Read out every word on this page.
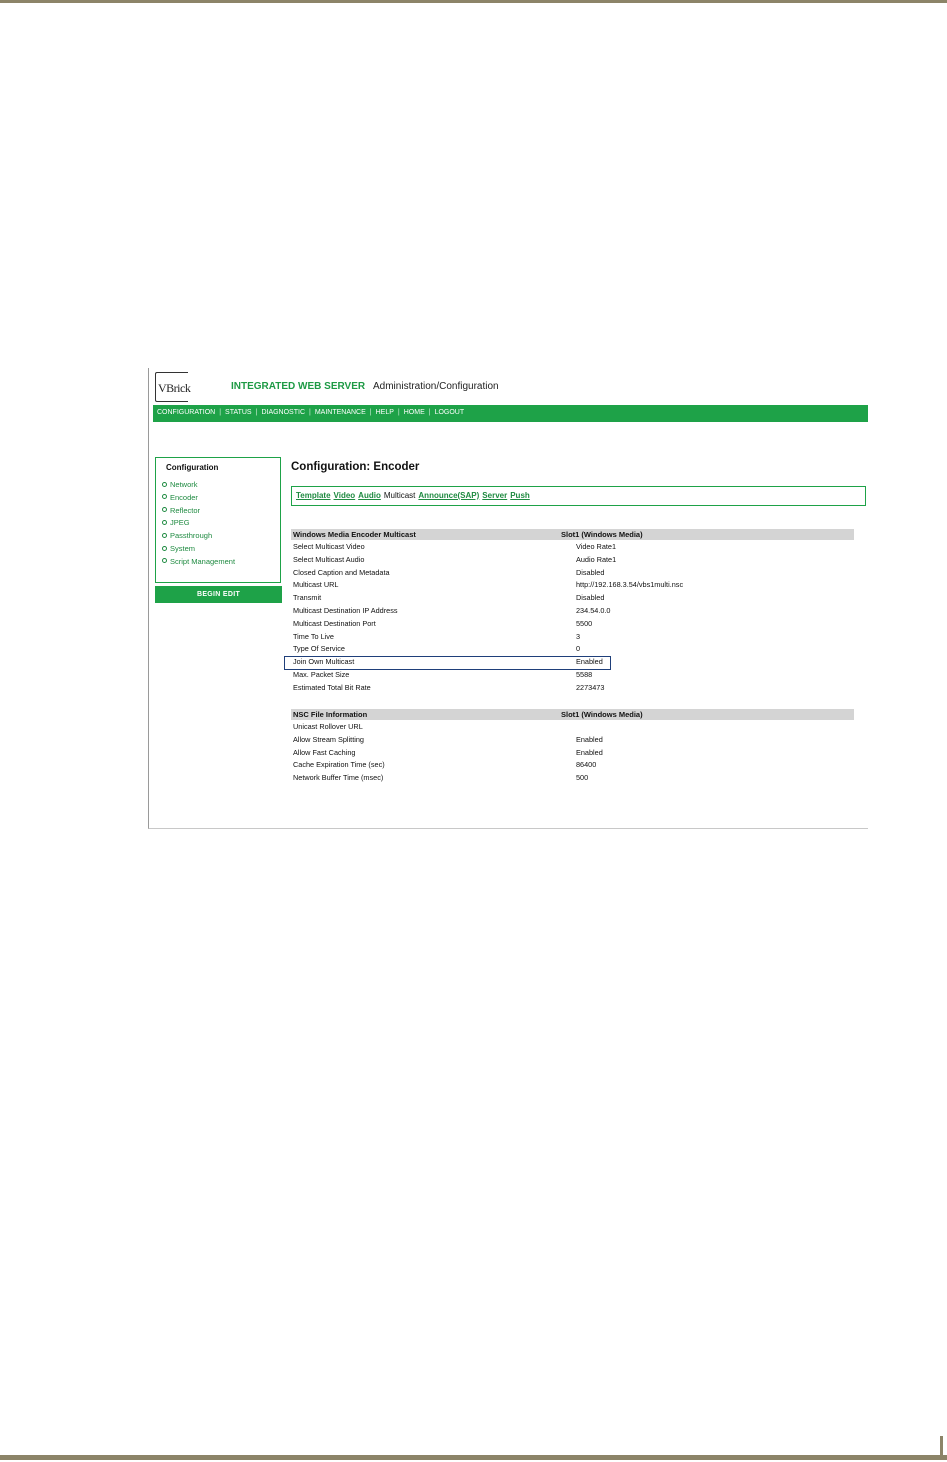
VBrick	INTEGRATED WEB SERVER Administration/Configuration
CONFIGURATION | STATUS | DIAGNOSTIC | MAINTENANCE | HELP | HOME | LOGOUT
Configuration
Network
Encoder
Reflector
JPEG
Passthrough
System
Script Management
BEGIN EDIT
Configuration: Encoder
Template Video Audio Multicast Announce(SAP) Server Push
Windows Media Encoder Multicast	Slot1 (Windows Media)
Select Multicast Video	Video Rate1
Select Multicast Audio	Audio Rate1
Closed Caption and Metadata	Disabled
Multicast URL	http://192.168.3.54/vbs1multi.nsc
Transmit	Disabled
Multicast Destination IP Address	234.54.0.0
Multicast Destination Port	5500
Time To Live	3
Type Of Service	0
Join Own Multicast	Enabled
Max. Packet Size	5588
Estimated Total Bit Rate	2273473
NSC File Information	Slot1 (Windows Media)
Unicast Rollover URL
Allow Stream Splitting	Enabled
Allow Fast Caching	Enabled
Cache Expiration Time (sec)	86400
Network Buffer Time (msec)	500
